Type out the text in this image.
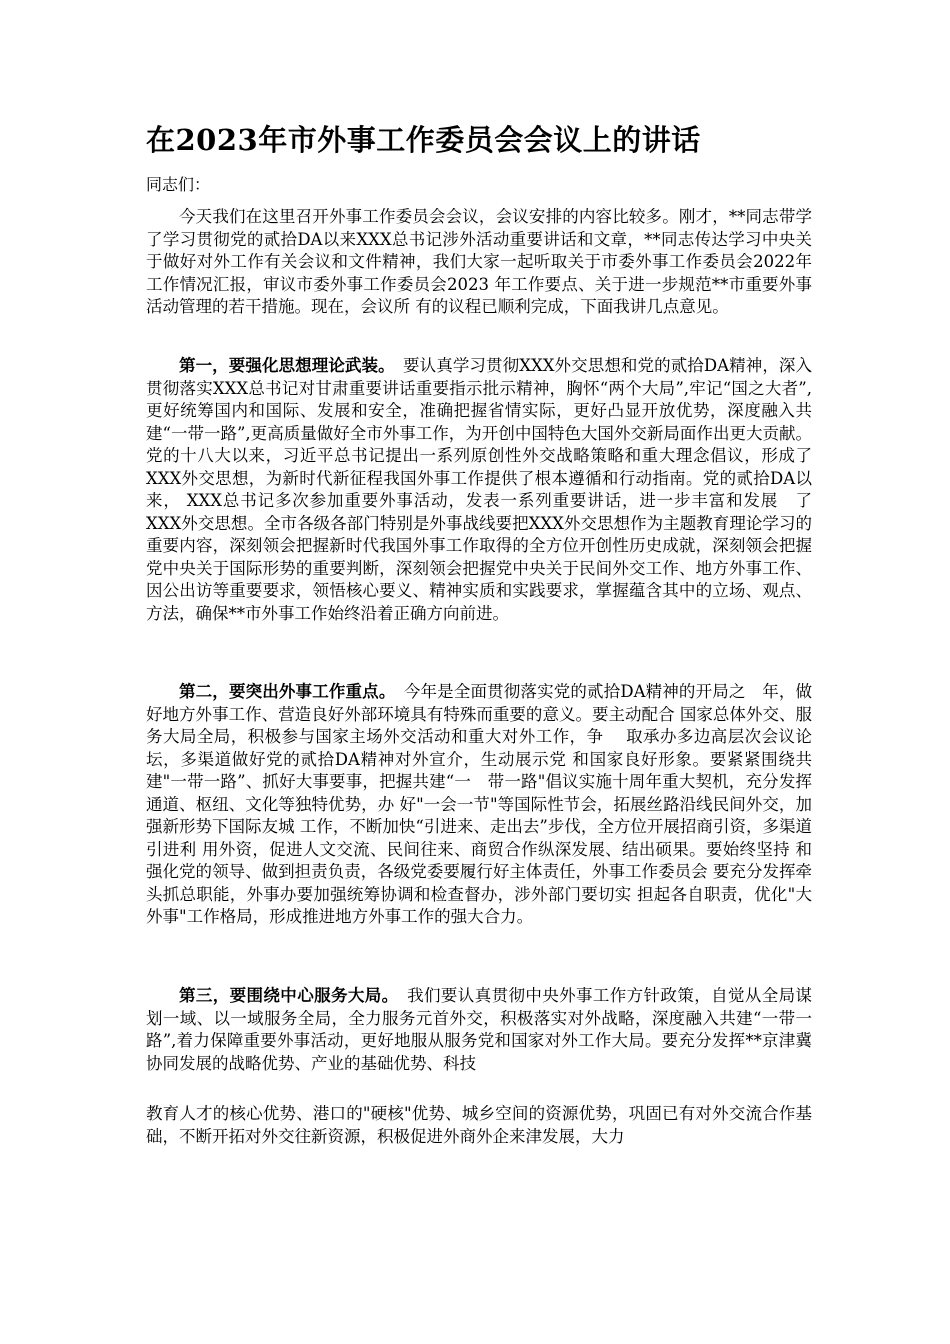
在2023年市外事工作委员会会议上的讲话

同志们：

今天我们在这里召开外事工作委员会会议，会议安排的内容比较多。刚才，**同志带学了学习贯彻党的贰拾DA以来XXX总书记涉外活动重要讲话和文章，**同志传达学习中央关于做好对外工作有关会议和文件精神，我们大家一起听取关于市委外事工作委员会2022年工作情况汇报，审议市委外事工作委员会2023 年工作要点、关于进一步规范**市重要外事活动管理的若干措施。现在，会议所 有的议程已顺利完成，下面我讲几点意见。

第一，要强化思想理论武装。　要认真学习贯彻XXX外交思想和党的贰拾DA精神，深入贯彻落实XXX总书记对甘肃重要讲话重要指示批示精神，胸怀“两个大局”,牢记“国之大者”,更好统筹国内和国际、发展和安全，准确把握省情实际，更好凸显开放优势，深度融入共建“一带一路”,更高质量做好全市外事工作，为开创中国特色大国外交新局面作出更大贡献。党的十八大以来，习近平总书记提出一系列原创性外交战略策略和重大理念倡议，形成了XXX外交思想，为新时代新征程我国外事工作提供了根本遵循和行动指南。党的贰拾DA以来， XXX总书记多次参加重要外事活动，发表一系列重要讲话，进一步丰富和发展　了XXX外交思想。全市各级各部门特别是外事战线要把XXX外交思想作为主题教育理论学习的重要内容，深刻领会把握新时代我国外事工作取得的全方位开创性历史成就，深刻领会把握党中央关于国际形势的重要判断，深刻领会把握党中央关于民间外交工作、地方外事工作、因公出访等重要要求，领悟核心要义、精神实质和实践要求，掌握蕴含其中的立场、观点、方法，确保**市外事工作始终沿着正确方向前进。

第二，要突出外事工作重点。　今年是全面贯彻落实党的贰拾DA精神的开局之　年，做好地方外事工作、营造良好外部环境具有特殊而重要的意义。要主动配合 国家总体外交、服务大局全局，积极参与国家主场外交活动和重大对外工作，争　 取承办多边高层次会议论坛，多渠道做好党的贰拾DA精神对外宣介，生动展示党 和国家良好形象。要紧紧围绕共建"一带一路”、抓好大事要事，把握共建“一　带一路"倡议实施十周年重大契机，充分发挥通道、枢纽、文化等独特优势，办 好"一会一节"等国际性节会，拓展丝路沿线民间外交，加强新形势下国际友城 工作，不断加快“引进来、走出去”步伐，全方位开展招商引资，多渠道引进利 用外资，促进人文交流、民间往来、商贸合作纵深发展、结出硕果。要始终坚持 和强化党的领导、做到担责负责，各级党委要履行好主体责任，外事工作委员会 要充分发挥牵头抓总职能，外事办要加强统筹协调和检查督办，涉外部门要切实 担起各自职责，优化"大外事"工作格局，形成推进地方外事工作的强大合力。

第三，要围绕中心服务大局。　我们要认真贯彻中央外事工作方针政策，自觉从全局谋划一域、以一域服务全局，全力服务元首外交，积极落实对外战略，深度融入共建“一带一路”,着力保障重要外事活动，更好地服从服务党和国家对外工作大局。要充分发挥**京津冀协同发展的战略优势、产业的基础优势、科技

教育人才的核心优势、港口的"硬核"优势、城乡空间的资源优势，巩固已有对外交流合作基础，不断开拓对外交往新资源，积极促进外商外企来津发展，大力
